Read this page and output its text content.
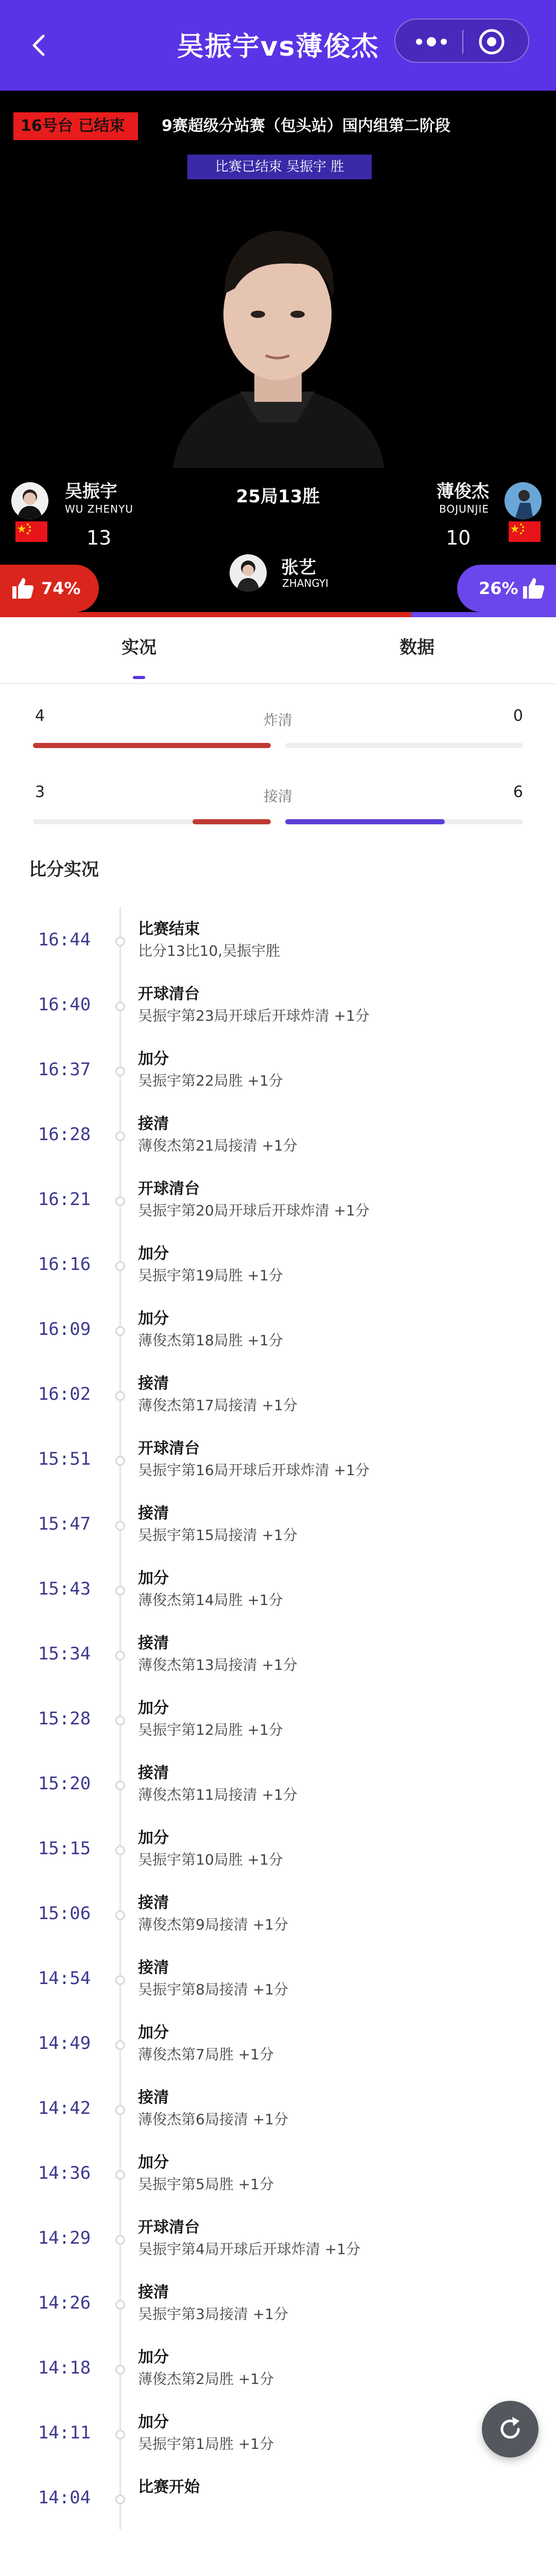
吴振宇vs薄俊杰
16号台 已结束	9赛超级分站赛（包头站）国内组第二阶段
比赛已结束 吴振宇 胜
吴振宇
WU ZHENYU
13
25局13胜	薄俊杰
BOJUNJIE
10
张艺
ZHANGYI
74%	26%
实况	数据
炸清
4	0
接清
3	6
比分实况
16:44
比赛结束
比分13比10,吴振宇胜
16:40
开球清台
吴振宇第23局开球后开球炸清 +1分
16:37
加分
吴振宇第22局胜 +1分
16:28
接清
薄俊杰第21局接清 +1分
16:21
开球清台
吴振宇第20局开球后开球炸清 +1分
16:16
加分
吴振宇第19局胜 +1分
16:09
加分
薄俊杰第18局胜 +1分
16:02
接清
薄俊杰第17局接清 +1分
15:51
开球清台
吴振宇第16局开球后开球炸清 +1分
15:47
接清
吴振宇第15局接清 +1分
15:43
加分
薄俊杰第14局胜 +1分
15:34
接清
薄俊杰第13局接清 +1分
15:28
加分
吴振宇第12局胜 +1分
15:20
接清
薄俊杰第11局接清 +1分
15:15
加分
吴振宇第10局胜 +1分
15:06
接清
薄俊杰第9局接清 +1分
14:54
接清
吴振宇第8局接清 +1分
14:49
加分
薄俊杰第7局胜 +1分
14:42
接清
薄俊杰第6局接清 +1分
14:36
加分
吴振宇第5局胜 +1分
14:29
开球清台
吴振宇第4局开球后开球炸清 +1分
14:26
接清
吴振宇第3局接清 +1分
14:18
加分
薄俊杰第2局胜 +1分
14:11
加分
吴振宇第1局胜 +1分
14:04
比赛开始
